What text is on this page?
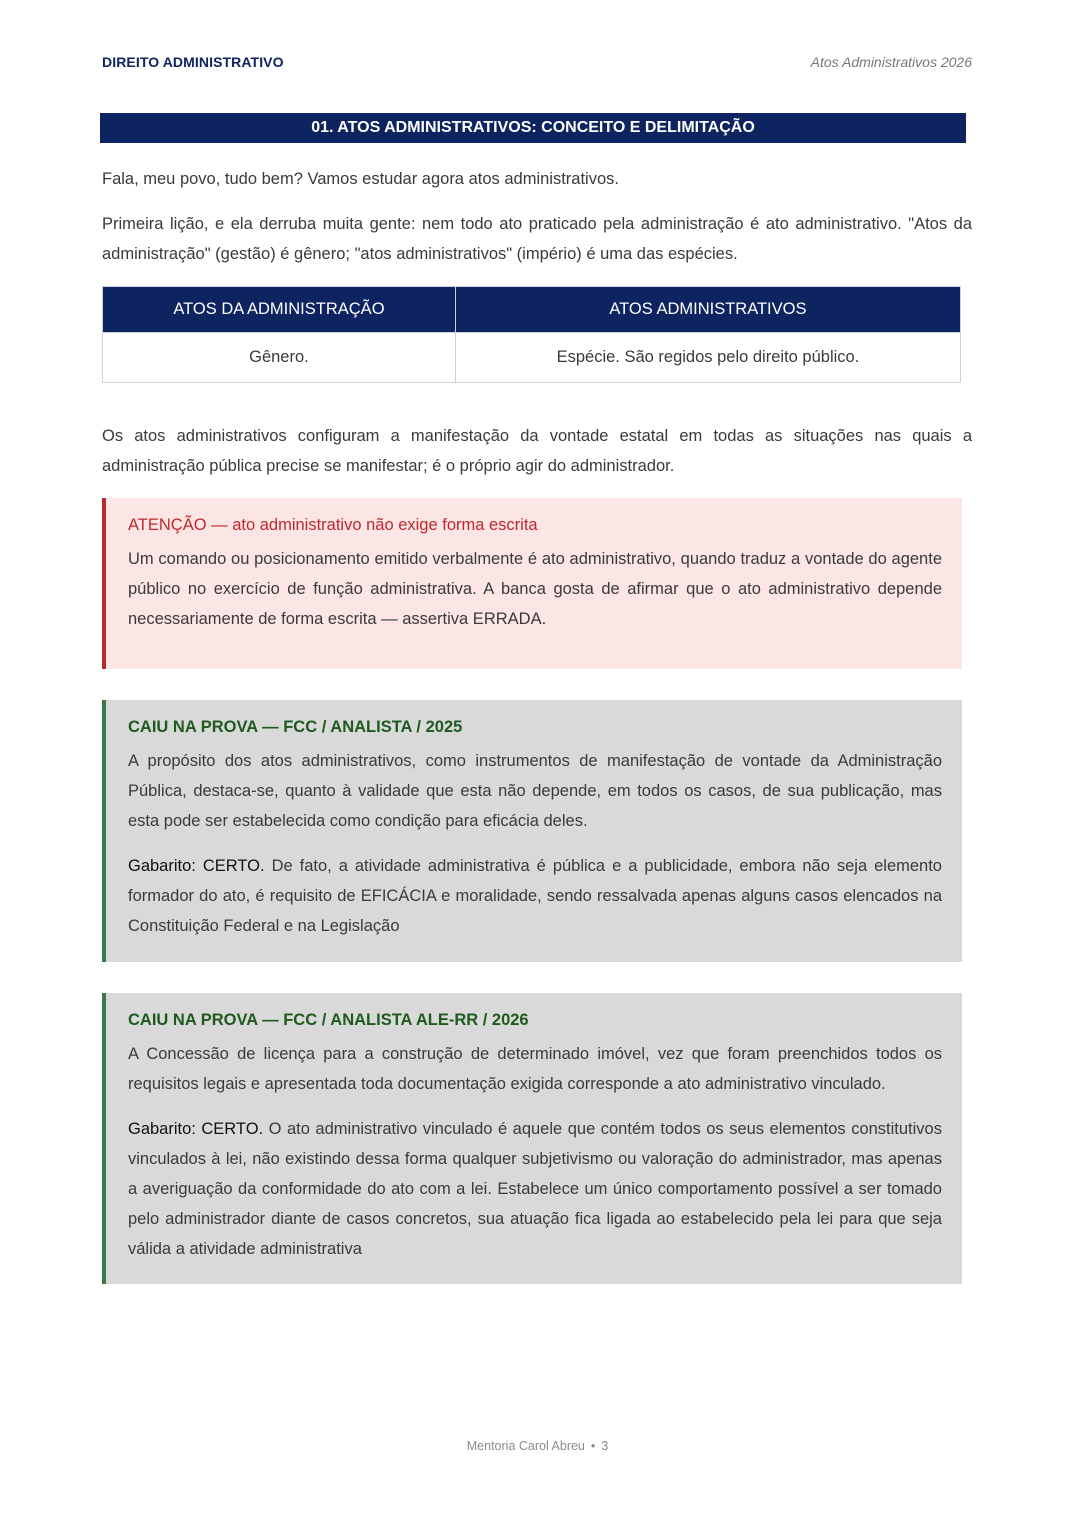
DIREITO ADMINISTRATIVO	Atos Administrativos 2026
01. ATOS ADMINISTRATIVOS: CONCEITO E DELIMITAÇÃO

Fala, meu povo, tudo bem? Vamos estudar agora atos administrativos.

Primeira lição, e ela derruba muita gente: nem todo ato praticado pela administração é ato administrativo. "Atos da administração" (gestão) é gênero; "atos administrativos" (império) é uma das espécies.

ATOS DA ADMINISTRAÇÃO	ATOS ADMINISTRATIVOS
Gênero.	Espécie. São regidos pelo direito público.

Os atos administrativos configuram a manifestação da vontade estatal em todas as situações nas quais a administração pública precise se manifestar; é o próprio agir do administrador.

ATENÇÃO — ato administrativo não exige forma escrita

Um comando ou posicionamento emitido verbalmente é ato administrativo, quando traduz a vontade do agente público no exercício de função administrativa. A banca gosta de afirmar que o ato administrativo depende necessariamente de forma escrita — assertiva ERRADA.

CAIU NA PROVA — FCC / ANALISTA / 2025

A propósito dos atos administrativos, como instrumentos de manifestação de vontade da Administração Pública, destaca-se, quanto à validade que esta não depende, em todos os casos, de sua publicação, mas esta pode ser estabelecida como condição para eficácia deles.

Gabarito: CERTO. De fato, a atividade administrativa é pública e a publicidade, embora não seja elemento formador do ato, é requisito de EFICÁCIA e moralidade, sendo ressalvada apenas alguns casos elencados na Constituição Federal e na Legislação

CAIU NA PROVA — FCC / ANALISTA ALE-RR / 2026

A Concessão de licença para a construção de determinado imóvel, vez que foram preenchidos todos os requisitos legais e apresentada toda documentação exigida corresponde a ato administrativo vinculado.

Gabarito: CERTO. O ato administrativo vinculado é aquele que contém todos os seus elementos constitutivos vinculados à lei, não existindo dessa forma qualquer subjetivismo ou valoração do administrador, mas apenas a averiguação da conformidade do ato com a lei. Estabelece um único comportamento possível a ser tomado pelo administrador diante de casos concretos, sua atuação fica ligada ao estabelecido pela lei para que seja válida a atividade administrativa

Mentoria Carol Abreu • 3
